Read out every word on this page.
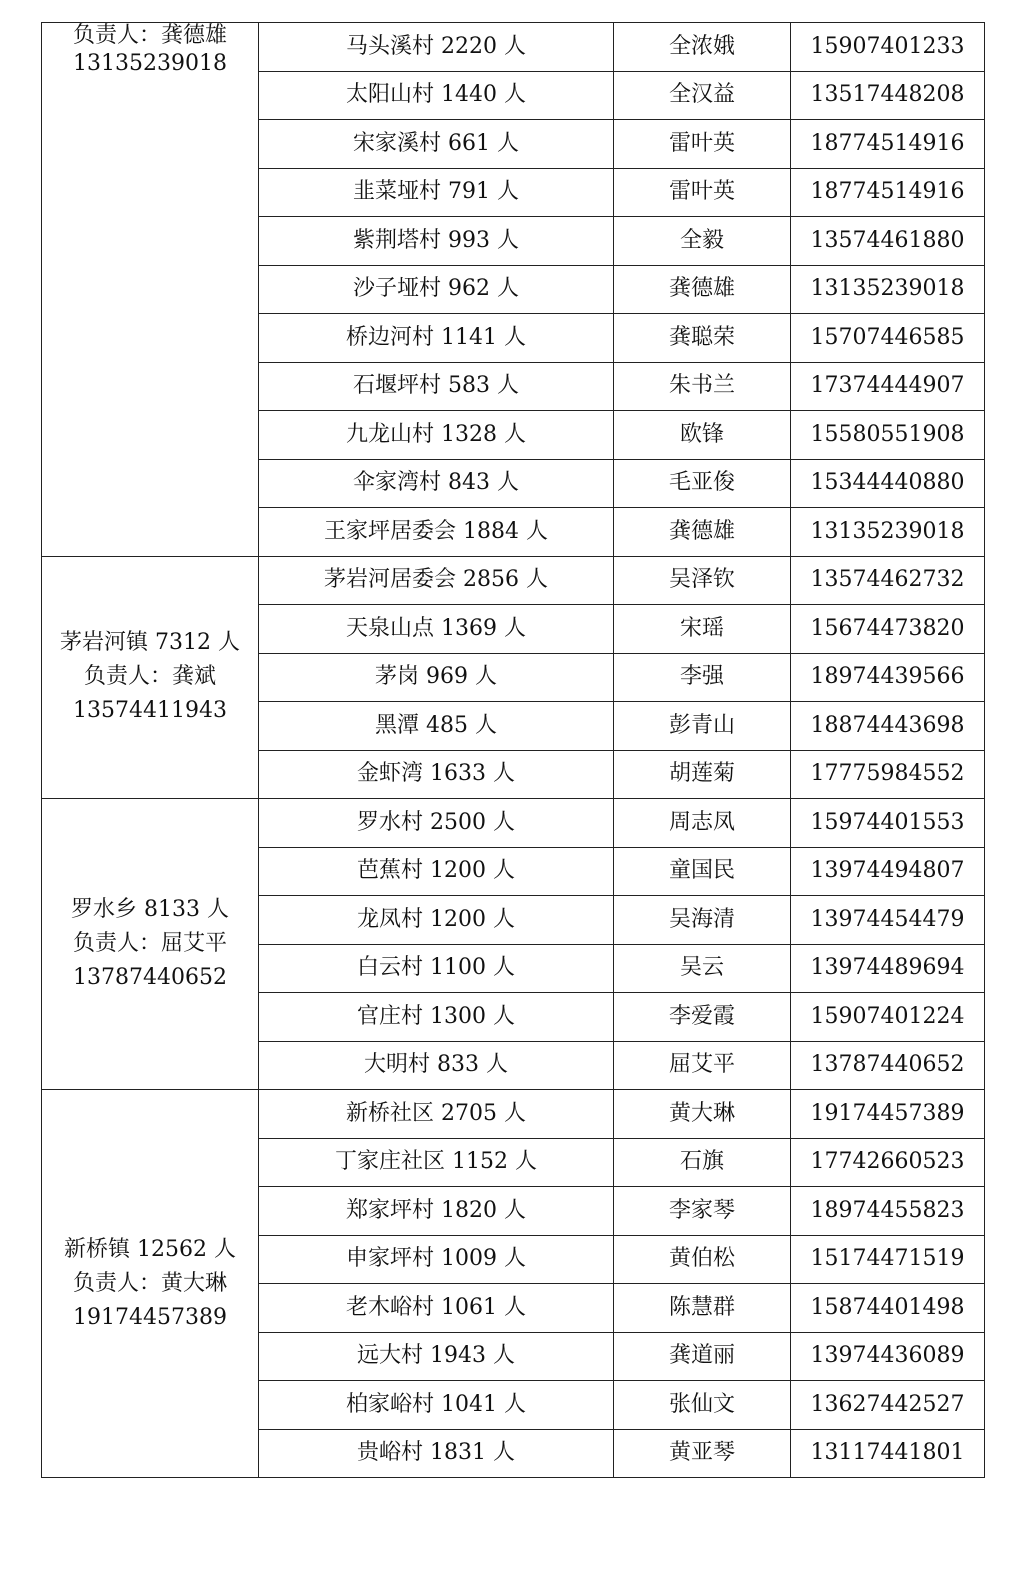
负责人：龚德雄
13135239018	马头溪村 2220 人	全浓娥	15907401233
	太阳山村 1440 人	全汉益	13517448208
	宋家溪村 661 人	雷叶英	18774514916
	韭菜垭村 791 人	雷叶英	18774514916
	紫荆塔村 993 人	全毅	13574461880
	沙子垭村 962 人	龚德雄	13135239018
	桥边河村 1141 人	龚聪荣	15707446585
	石堰坪村 583 人	朱书兰	17374444907
	九龙山村 1328 人	欧锋	15580551908
	伞家湾村 843 人	毛亚俊	15344440880
	王家坪居委会 1884 人	龚德雄	13135239018

茅岩河镇 7312 人
负责人：龚斌
13574411943	茅岩河居委会 2856 人	吴泽钦	13574462732
	天泉山点 1369 人	宋瑶	15674473820
	茅岗 969 人	李强	18974439566
	黑潭 485 人	彭青山	18874443698
	金虾湾 1633 人	胡莲菊	17775984552

罗水乡 8133 人
负责人：屈艾平
13787440652	罗水村 2500 人	周志凤	15974401553
	芭蕉村 1200 人	童国民	13974494807
	龙凤村 1200 人	吴海清	13974454479
	白云村 1100 人	吴云	13974489694
	官庄村 1300 人	李爱霞	15907401224
	大明村 833 人	屈艾平	13787440652

新桥镇 12562 人
负责人：黄大琳
19174457389	新桥社区 2705 人	黄大琳	19174457389
	丁家庄社区 1152 人	石旗	17742660523
	郑家坪村 1820 人	李家琴	18974455823
	申家坪村 1009 人	黄伯松	15174471519
	老木峪村 1061 人	陈慧群	15874401498
	远大村 1943 人	龚道丽	13974436089
	柏家峪村 1041 人	张仙文	13627442527
	贵峪村 1831 人	黄亚琴	13117441801
